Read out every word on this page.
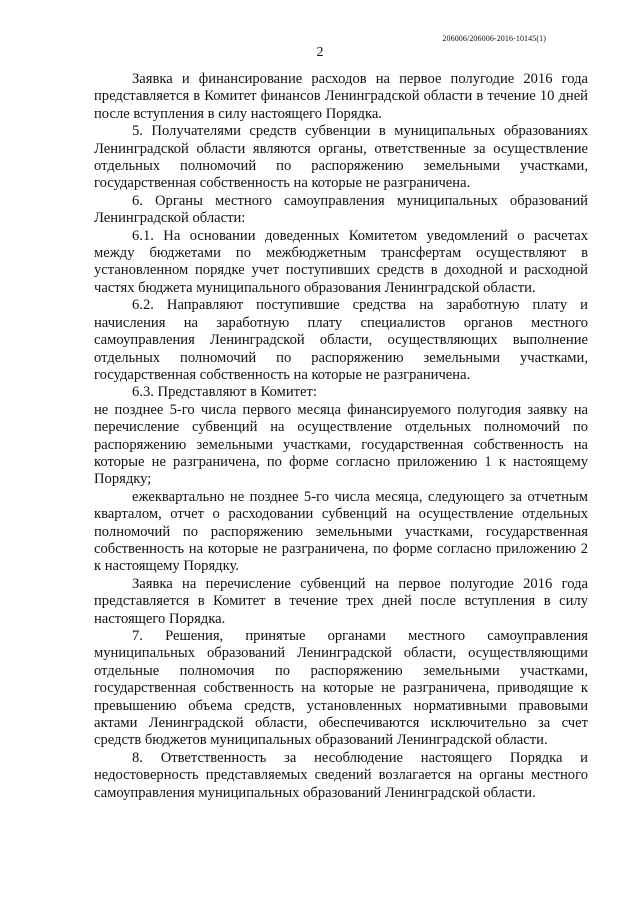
206006/206006-2016-10145(1)
2

Заявка и финансирование расходов на первое полугодие 2016 года представляется в Комитет финансов Ленинградской области в течение 10 дней после вступления в силу настоящего Порядка.

5. Получателями средств субвенции в муниципальных образованиях Ленинградской области являются органы, ответственные за осуществление отдельных полномочий по распоряжению земельными участками, государственная собственность на которые не разграничена.

6. Органы местного самоуправления муниципальных образований Ленинградской области:

6.1. На основании доведенных Комитетом уведомлений о расчетах между бюджетами по межбюджетным трансфертам осуществляют в установленном порядке учет поступивших средств в доходной и расходной частях бюджета муниципального образования Ленинградской области.

6.2. Направляют поступившие средства на заработную плату и начисления на заработную плату специалистов органов местного самоуправления Ленинградской области, осуществляющих выполнение отдельных полномочий по распоряжению земельными участками, государственная собственность на которые не разграничена.

6.3. Представляют в Комитет:

не позднее 5-го числа первого месяца финансируемого полугодия заявку на перечисление субвенций на осуществление отдельных полномочий по распоряжению земельными участками, государственная собственность на которые не разграничена, по форме согласно приложению 1 к настоящему Порядку;

ежеквартально не позднее 5-го числа месяца, следующего за отчетным кварталом, отчет о расходовании субвенций на осуществление отдельных полномочий по распоряжению земельными участками, государственная собственность на которые не разграничена, по форме согласно приложению 2 к настоящему Порядку.

Заявка на перечисление субвенций на первое полугодие 2016 года представляется в Комитет в течение трех дней после вступления в силу настоящего Порядка.

7. Решения, принятые органами местного самоуправления муниципальных образований Ленинградской области, осуществляющими отдельные полномочия по распоряжению земельными участками, государственная собственность на которые не разграничена, приводящие к превышению объема средств, установленных нормативными правовыми актами Ленинградской области, обеспечиваются исключительно за счет средств бюджетов муниципальных образований Ленинградской области.

8. Ответственность за несоблюдение настоящего Порядка и недостоверность представляемых сведений возлагается на органы местного самоуправления муниципальных образований Ленинградской области.
